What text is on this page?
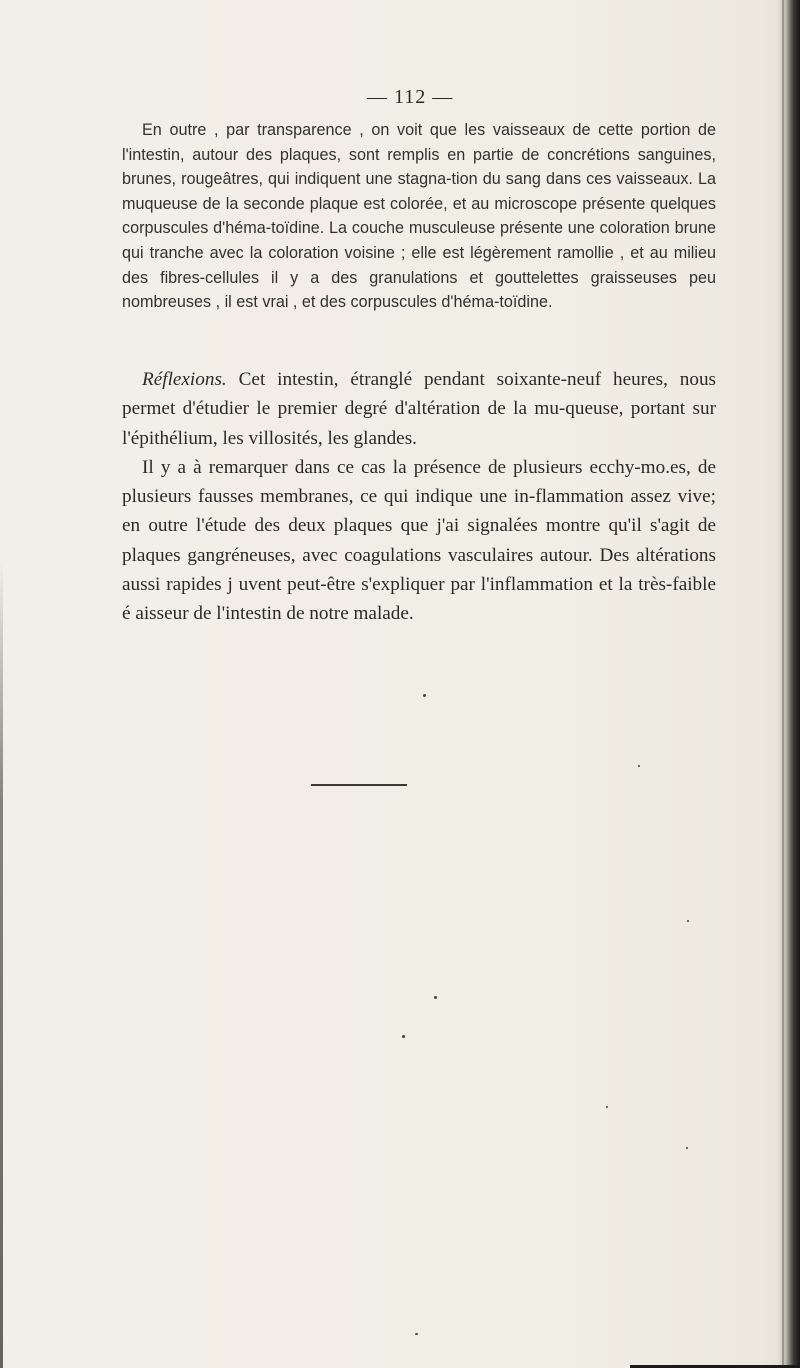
— 112 —

En outre , par transparence , on voit que les vaisseaux de cette portion de l'intestin, autour des plaques, sont remplis en partie de concrétions sanguines, brunes, rougeâtres, qui indiquent une stagna-tion du sang dans ces vaisseaux. La muqueuse de la seconde plaque est colorée, et au microscope présente quelques corpuscules d'héma-toïdine. La couche musculeuse présente une coloration brune qui tranche avec la coloration voisine ; elle est légèrement ramollie , et au milieu des fibres-cellules il y a des granulations et gouttelettes graisseuses peu nombreuses , il est vrai , et des corpuscules d'héma-toïdine.

Réflexions. Cet intestin, étranglé pendant soixante-neuf heures, nous permet d'étudier le premier degré d'altération de la mu-queuse, portant sur l'épithélium, les villosités, les glandes.

Il y a à remarquer dans ce cas la présence de plusieurs ecchy-mo.es, de plusieurs fausses membranes, ce qui indique une in-flammation assez vive; en outre l'étude des deux plaques que j'ai signalées montre qu'il s'agit de plaques gangréneuses, avec coagulations vasculaires autour. Des altérations aussi rapides j uvent peut-être s'expliquer par l'inflammation et la très-faible é aisseur de l'intestin de notre malade.
